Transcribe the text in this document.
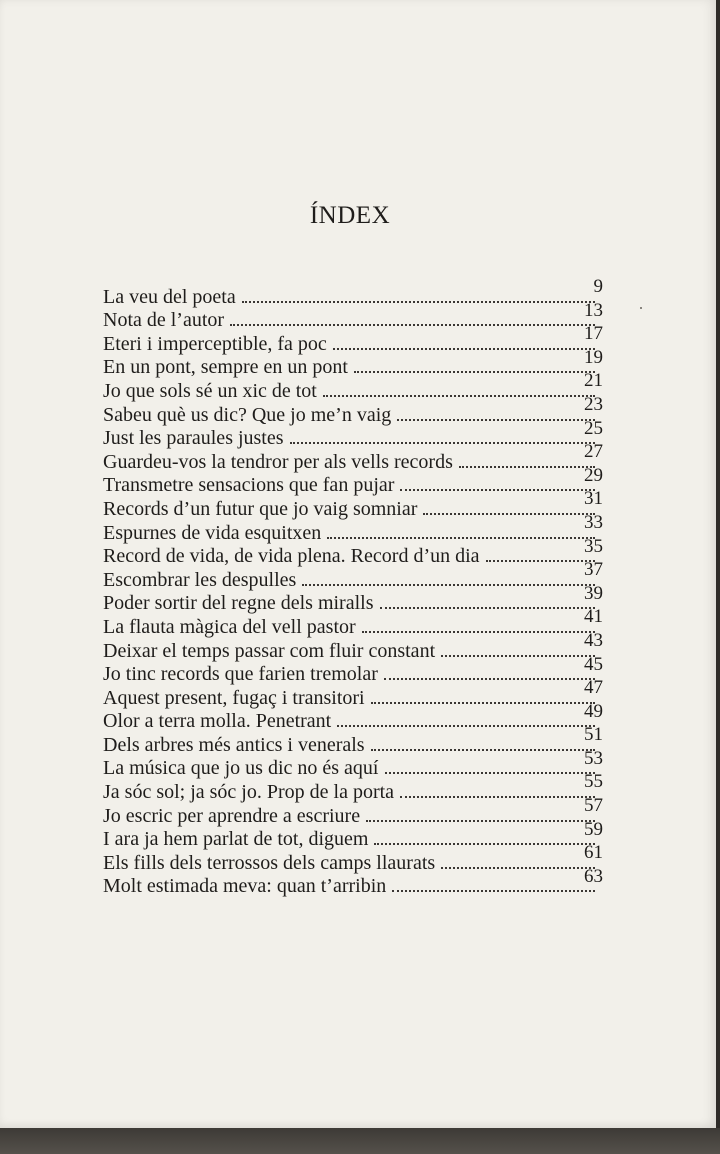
ÍNDEX
La veu del poeta	9
Nota de l’autor	13
Eteri i imperceptible, fa poc	17
En un pont, sempre en un pont	19
Jo que sols sé un xic de tot	21
Sabeu què us dic? Que jo me’n vaig	23
Just les paraules justes	25
Guardeu-vos la tendror per als vells records	27
Transmetre sensacions que fan pujar	29
Records d’un futur que jo vaig somniar	31
Espurnes de vida esquitxen	33
Record de vida, de vida plena. Record d’un dia	35
Escombrar les despulles	37
Poder sortir del regne dels miralls	39
La flauta màgica del vell pastor	41
Deixar el temps passar com fluir constant	43
Jo tinc records que farien tremolar	45
Aquest present, fugaç i transitori	47
Olor a terra molla. Penetrant	49
Dels arbres més antics i venerals	51
La música que jo us dic no és aquí	53
Ja sóc sol; ja sóc jo. Prop de la porta	55
Jo escric per aprendre a escriure	57
I ara ja hem parlat de tot, diguem	59
Els fills dels terrossos dels camps llaurats	61
Molt estimada meva: quan t’arribin	63
